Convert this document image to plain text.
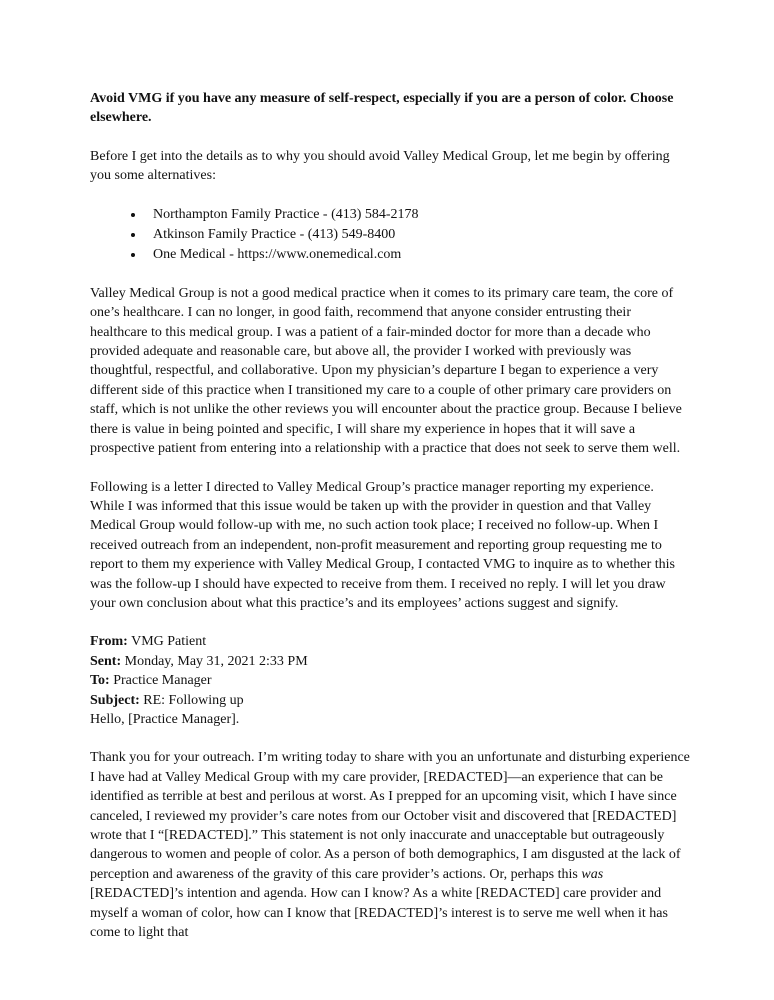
Avoid VMG if you have any measure of self-respect, especially if you are a person of color. Choose elsewhere.

Before I get into the details as to why you should avoid Valley Medical Group, let me begin by offering you some alternatives:

• Northampton Family Practice - (413) 584-2178
• Atkinson Family Practice - (413) 549-8400
• One Medical - https://www.onemedical.com

Valley Medical Group is not a good medical practice when it comes to its primary care team, the core of one’s healthcare. I can no longer, in good faith, recommend that anyone consider entrusting their healthcare to this medical group. I was a patient of a fair-minded doctor for more than a decade who provided adequate and reasonable care, but above all, the provider I worked with previously was thoughtful, respectful, and collaborative. Upon my physician’s departure I began to experience a very different side of this practice when I transitioned my care to a couple of other primary care providers on staff, which is not unlike the other reviews you will encounter about the practice group. Because I believe there is value in being pointed and specific, I will share my experience in hopes that it will save a prospective patient from entering into a relationship with a practice that does not seek to serve them well.

Following is a letter I directed to Valley Medical Group’s practice manager reporting my experience. While I was informed that this issue would be taken up with the provider in question and that Valley Medical Group would follow-up with me, no such action took place; I received no follow-up. When I received outreach from an independent, non-profit measurement and reporting group requesting me to report to them my experience with Valley Medical Group, I contacted VMG to inquire as to whether this was the follow-up I should have expected to receive from them. I received no reply. I will let you draw your own conclusion about what this practice’s and its employees’ actions suggest and signify.

From: VMG Patient
Sent: Monday, May 31, 2021 2:33 PM
To: Practice Manager
Subject: RE: Following up
Hello, [Practice Manager].

Thank you for your outreach. I’m writing today to share with you an unfortunate and disturbing experience I have had at Valley Medical Group with my care provider, [REDACTED]—an experience that can be identified as terrible at best and perilous at worst. As I prepped for an upcoming visit, which I have since canceled, I reviewed my provider’s care notes from our October visit and discovered that [REDACTED] wrote that I “[REDACTED].” This statement is not only inaccurate and unacceptable but outrageously dangerous to women and people of color. As a person of both demographics, I am disgusted at the lack of perception and awareness of the gravity of this care provider’s actions. Or, perhaps this was [REDACTED]’s intention and agenda. How can I know? As a white [REDACTED] care provider and myself a woman of color, how can I know that [REDACTED]’s interest is to serve me well when it has come to light that
